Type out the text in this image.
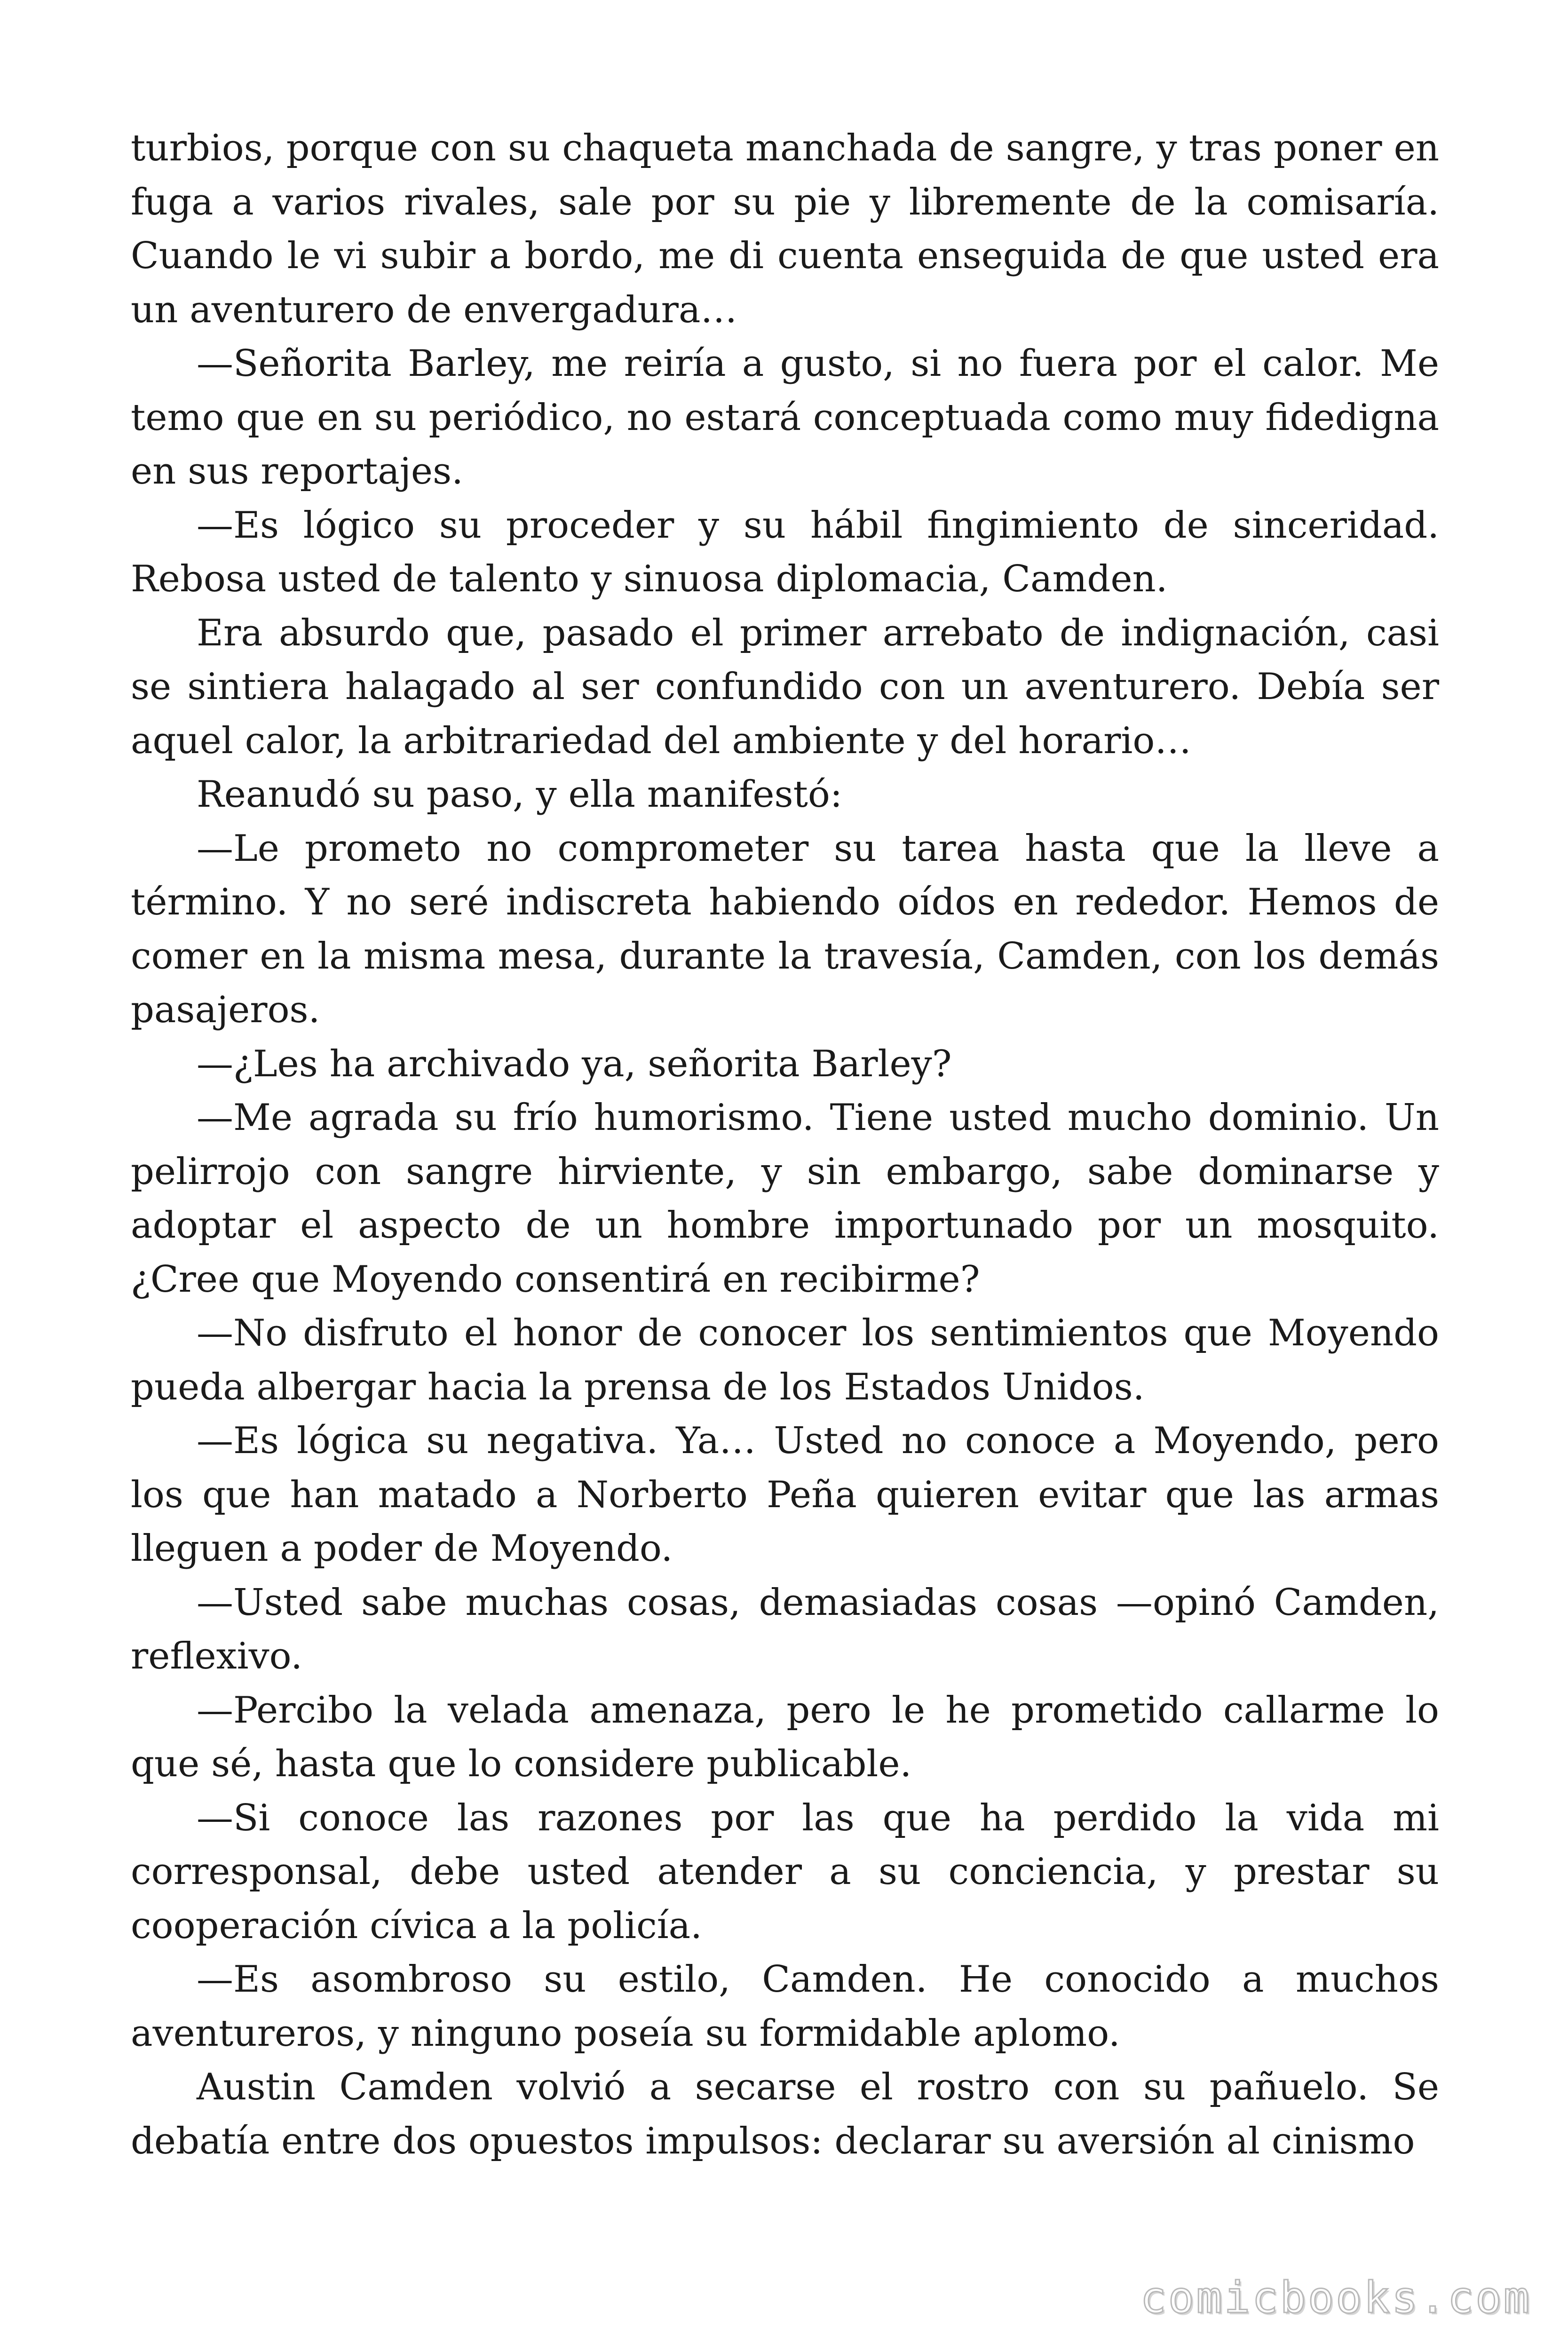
turbios, porque con su chaqueta manchada de sangre, y tras poner en fuga a varios rivales, sale por su pie y libremente de la comisaría. Cuando le vi subir a bordo, me di cuenta enseguida de que usted era un aventurero de envergadura…

—Señorita Barley, me reiría a gusto, si no fuera por el calor. Me temo que en su periódico, no estará conceptuada como muy fidedigna en sus reportajes.

—Es lógico su proceder y su hábil fingimiento de sinceridad. Rebosa usted de talento y sinuosa diplomacia, Camden.

Era absurdo que, pasado el primer arrebato de indignación, casi se sintiera halagado al ser confundido con un aventurero. Debía ser aquel calor, la arbitrariedad del ambiente y del horario…

Reanudó su paso, y ella manifestó:

—Le prometo no comprometer su tarea hasta que la lleve a término. Y no seré indiscreta habiendo oídos en rededor. Hemos de comer en la misma mesa, durante la travesía, Camden, con los demás pasajeros.

—¿Les ha archivado ya, señorita Barley?

—Me agrada su frío humorismo. Tiene usted mucho dominio. Un pelirrojo con sangre hirviente, y sin embargo, sabe dominarse y adoptar el aspecto de un hombre importunado por un mosquito. ¿Cree que Moyendo consentirá en recibirme?

—No disfruto el honor de conocer los sentimientos que Moyendo pueda albergar hacia la prensa de los Estados Unidos.

—Es lógica su negativa. Ya… Usted no conoce a Moyendo, pero los que han matado a Norberto Peña quieren evitar que las armas lleguen a poder de Moyendo.

—Usted sabe muchas cosas, demasiadas cosas —opinó Camden, reflexivo.

—Percibo la velada amenaza, pero le he prometido callarme lo que sé, hasta que lo considere publicable.

—Si conoce las razones por las que ha perdido la vida mi corresponsal, debe usted atender a su conciencia, y prestar su cooperación cívica a la policía.

—Es asombroso su estilo, Camden. He conocido a muchos aventureros, y ninguno poseía su formidable aplomo.

Austin Camden volvió a secarse el rostro con su pañuelo. Se debatía entre dos opuestos impulsos: declarar su aversión al cinismo

comicbooks.com
